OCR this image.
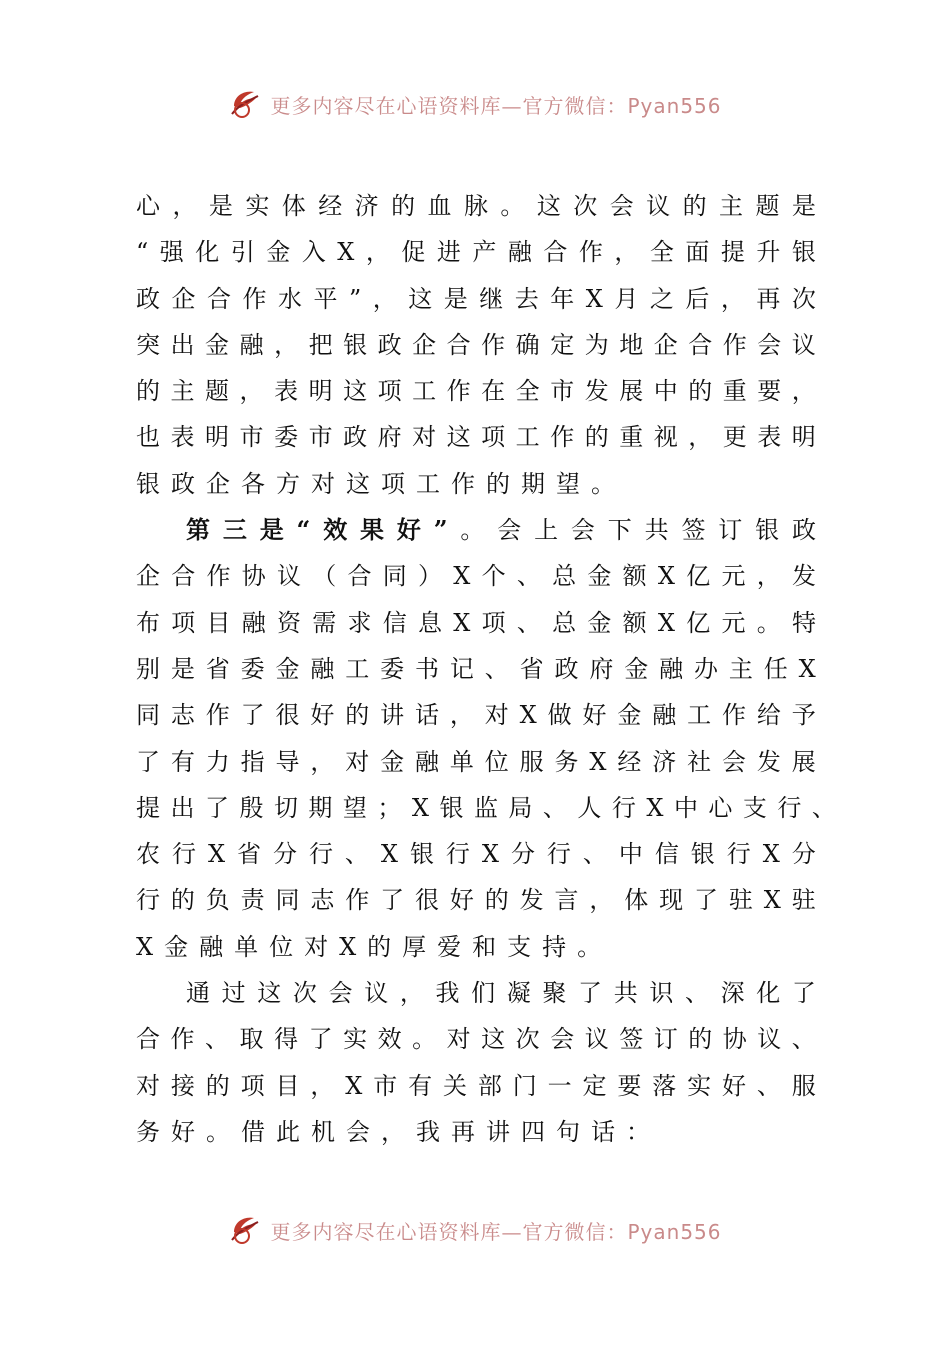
更多内容尽在心语资料库—官方微信：Pyan556
心 ， 是 实 体 经 济 的 血 脉 。 这 次 会 议 的 主 题 是
“ 强 化 引 金 入 X ， 促 进 产 融 合 作 ， 全 面 提 升 银
政 企 合 作 水 平 ” ， 这 是 继 去 年 X 月 之 后 ， 再 次
突 出 金 融 ， 把 银 政 企 合 作 确 定 为 地 企 合 作 会 议
的 主 题 ， 表 明 这 项 工 作 在 全 市 发 展 中 的 重 要 ，
也 表 明 市 委 市 政 府 对 这 项 工 作 的 重 视 ， 更 表 明
银政企各方对这项工作的期望。
第 三 是 “ 效 果 好 ” 。 会 上 会 下 共 签 订 银 政
企 合 作 协 议 （ 合 同 ） X 个 、 总 金 额 X 亿 元 ， 发
布 项 目 融 资 需 求 信 息 X 项 、 总 金 额 X 亿 元 。 特
别 是 省 委 金 融 工 委 书 记 、 省 政 府 金 融 办 主 任 X
同 志 作 了 很 好 的 讲 话 ， 对 X 做 好 金 融 工 作 给 予
了 有 力 指 导 ， 对 金 融 单 位 服 务 X 经 济 社 会 发 展
提 出 了 殷 切 期 望 ； X 银 监 局 、 人 行 X 中 心 支 行 、
农 行 X 省 分 行 、 X 银 行 X 分 行 、 中 信 银 行 X 分
行 的 负 责 同 志 作 了 很 好 的 发 言 ， 体 现 了 驻 X 驻
X金融单位对X的厚爱和支持。
通 过 这 次 会 议 ， 我 们 凝 聚 了 共 识 、 深 化 了
合 作 、 取 得 了 实 效 。 对 这 次 会 议 签 订 的 协 议 、
对 接 的 项 目 ， X 市 有 关 部 门 一 定 要 落 实 好 、 服
务好。借此机会，我再讲四句话：
更多内容尽在心语资料库—官方微信：Pyan556
